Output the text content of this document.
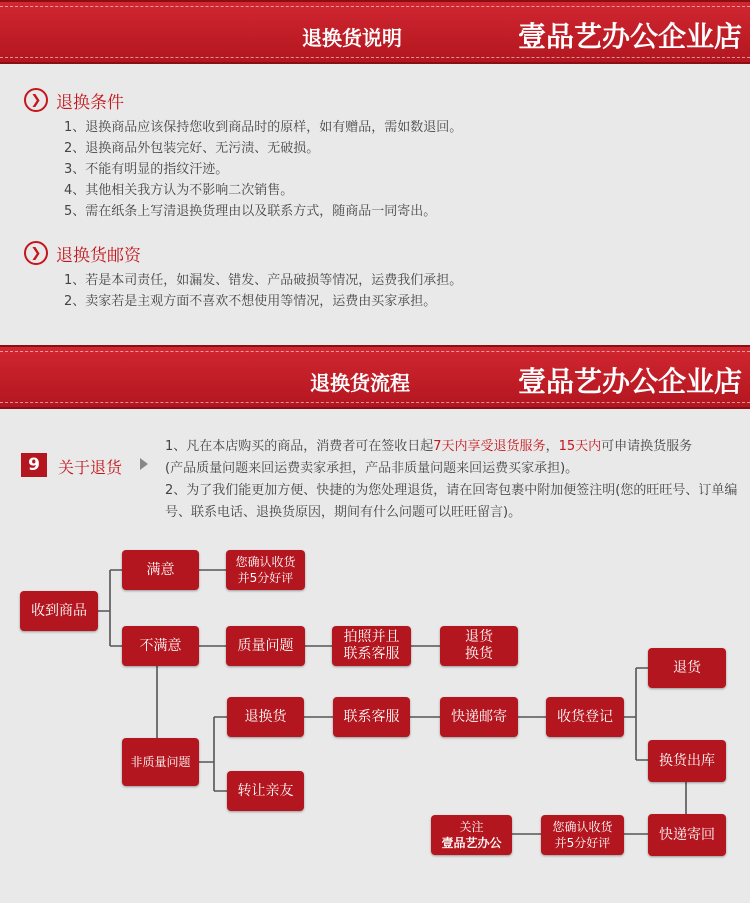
退换货说明	壹品艺办公企业店
❯ 退换条件
1、退换商品应该保持您收到商品时的原样，如有赠品，需如数退回。
2、退换商品外包装完好、无污渍、无破损。
3、不能有明显的指纹汗迹。
4、其他相关我方认为不影响二次销售。
5、需在纸条上写清退换货理由以及联系方式，随商品一同寄出。
❯ 退换货邮资
1、若是本司责任，如漏发、错发、产品破损等情况，运费我们承担。
2、卖家若是主观方面不喜欢不想使用等情况，运费由买家承担。
退换货流程	壹品艺办公企业店
9	关于退货
1、凡在本店购买的商品，消费者可在签收日起7天内享受退货服务，15天内可申请换货服务
(产品质量问题来回运费卖家承担，产品非质量问题来回运费买家承担)。
2、为了我们能更加方便、快捷的为您处理退货，请在回寄包裹中附加便签注明(您的旺旺号、订单编号、联系电话、退换货原因，期间有什么问题可以旺旺留言)。
收到商品
满意	您确认收货
并5分好评
不满意	质量问题
拍照并且
联系客服
退货
换货
非质量问题
退换货	联系客服	快递邮寄	收货登记
退货
换货出库
转让亲友
快递寄回
您确认收货
并5分好评
关注
壹品艺办公
